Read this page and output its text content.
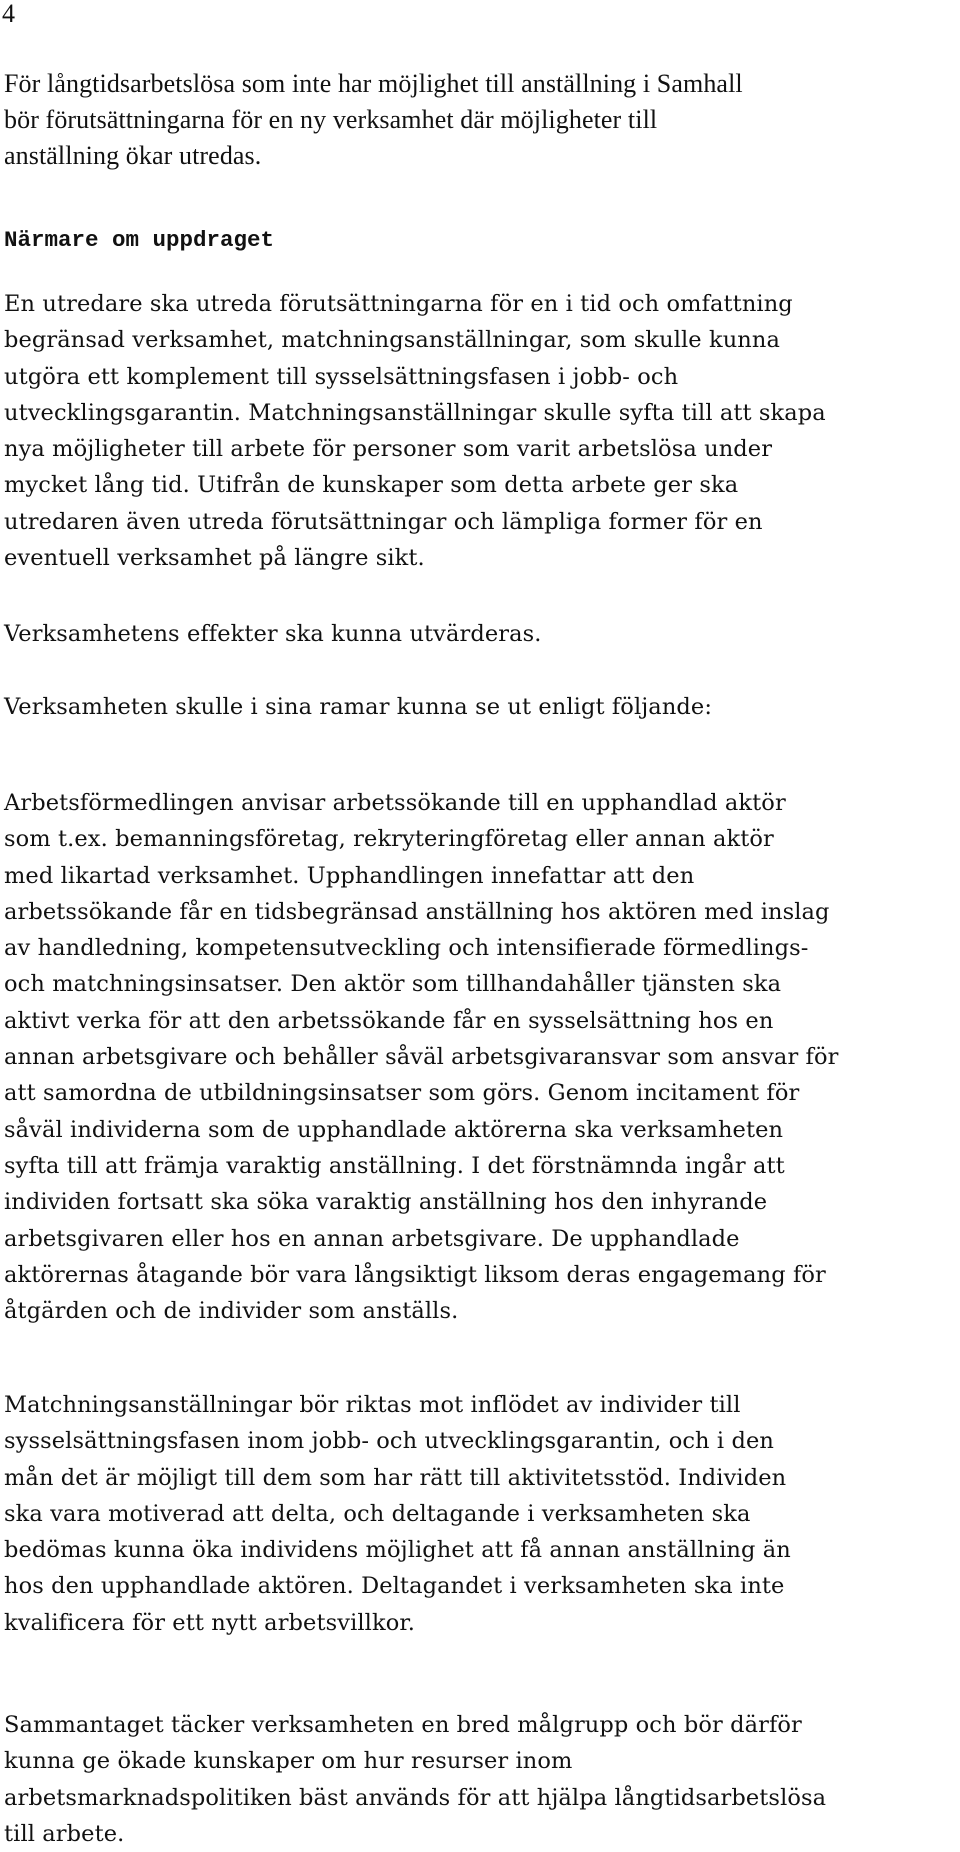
4

För långtidsarbetslösa som inte har möjlighet till anställning i Samhall
bör förutsättningarna för en ny verksamhet där möjligheter till
anställning ökar utredas.

Närmare om uppdraget

En utredare ska utreda förutsättningarna för en i tid och omfattning
begränsad verksamhet, matchningsanställningar, som skulle kunna
utgöra ett komplement till sysselsättningsfasen i jobb- och
utvecklingsgarantin. Matchningsanställningar skulle syfta till att skapa
nya möjligheter till arbete för personer som varit arbetslösa under
mycket lång tid. Utifrån de kunskaper som detta arbete ger ska
utredaren även utreda förutsättningar och lämpliga former för en
eventuell verksamhet på längre sikt.

Verksamhetens effekter ska kunna utvärderas.

Verksamheten skulle i sina ramar kunna se ut enligt följande:

Arbetsförmedlingen anvisar arbetssökande till en upphandlad aktör
som t.ex. bemanningsföretag, rekryteringföretag eller annan aktör
med likartad verksamhet. Upphandlingen innefattar att den
arbetssökande får en tidsbegränsad anställning hos aktören med inslag
av handledning, kompetensutveckling och intensifierade förmedlings-
och matchningsinsatser. Den aktör som tillhandahåller tjänsten ska
aktivt verka för att den arbetssökande får en sysselsättning hos en
annan arbetsgivare och behåller såväl arbetsgivaransvar som ansvar för
att samordna de utbildningsinsatser som görs. Genom incitament för
såväl individerna som de upphandlade aktörerna ska verksamheten
syfta till att främja varaktig anställning. I det förstnämnda ingår att
individen fortsatt ska söka varaktig anställning hos den inhyrande
arbetsgivaren eller hos en annan arbetsgivare. De upphandlade
aktörernas åtagande bör vara långsiktigt liksom deras engagemang för
åtgärden och de individer som anställs.

Matchningsanställningar bör riktas mot inflödet av individer till
sysselsättningsfasen inom jobb- och utvecklingsgarantin, och i den
mån det är möjligt till dem som har rätt till aktivitetsstöd. Individen
ska vara motiverad att delta, och deltagande i verksamheten ska
bedömas kunna öka individens möjlighet att få annan anställning än
hos den upphandlade aktören. Deltagandet i verksamheten ska inte
kvalificera för ett nytt arbetsvillkor.

Sammantaget täcker verksamheten en bred målgrupp och bör därför
kunna ge ökade kunskaper om hur resurser inom
arbetsmarknadspolitiken bäst används för att hjälpa långtidsarbetslösa
till arbete.
